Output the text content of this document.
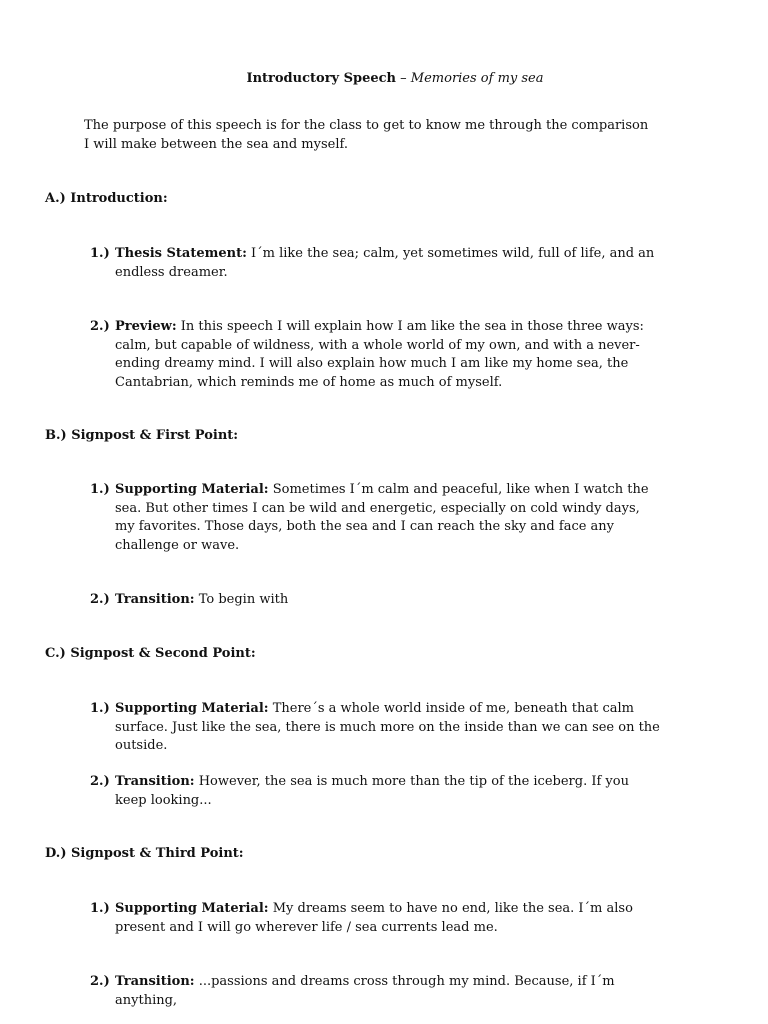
Introductory Speech – Memories of my sea
The purpose of this speech is for the class to get to know me through the comparison I will make between the sea and myself.
A.) Introduction:
1.) Thesis Statement: I´m like the sea; calm, yet sometimes wild, full of life, and an endless dreamer.
2.) Preview: In this speech I will explain how I am like the sea in those three ways: calm, but capable of wildness, with a whole world of my own, and with a never-ending dreamy mind. I will also explain how much I am like my home sea, the Cantabrian, which reminds me of home as much of myself.
B.) Signpost & First Point:
1.) Supporting Material: Sometimes I´m calm and peaceful, like when I watch the sea. But other times I can be wild and energetic, especially on cold windy days, my favorites. Those days, both the sea and I can reach the sky and face any challenge or wave.
2.) Transition: To begin with
C.) Signpost & Second Point:
1.) Supporting Material: There´s a whole world inside of me, beneath that calm surface. Just like the sea, there is much more on the inside than we can see on the outside.
2.) Transition: However, the sea is much more than the tip of the iceberg. If you keep looking...
D.) Signpost & Third Point:
1.) Supporting Material: My dreams seem to have no end, like the sea. I´m also present and I will go wherever life / sea currents lead me.
2.) Transition: ...passions and dreams cross through my mind. Because, if I´m anything,
